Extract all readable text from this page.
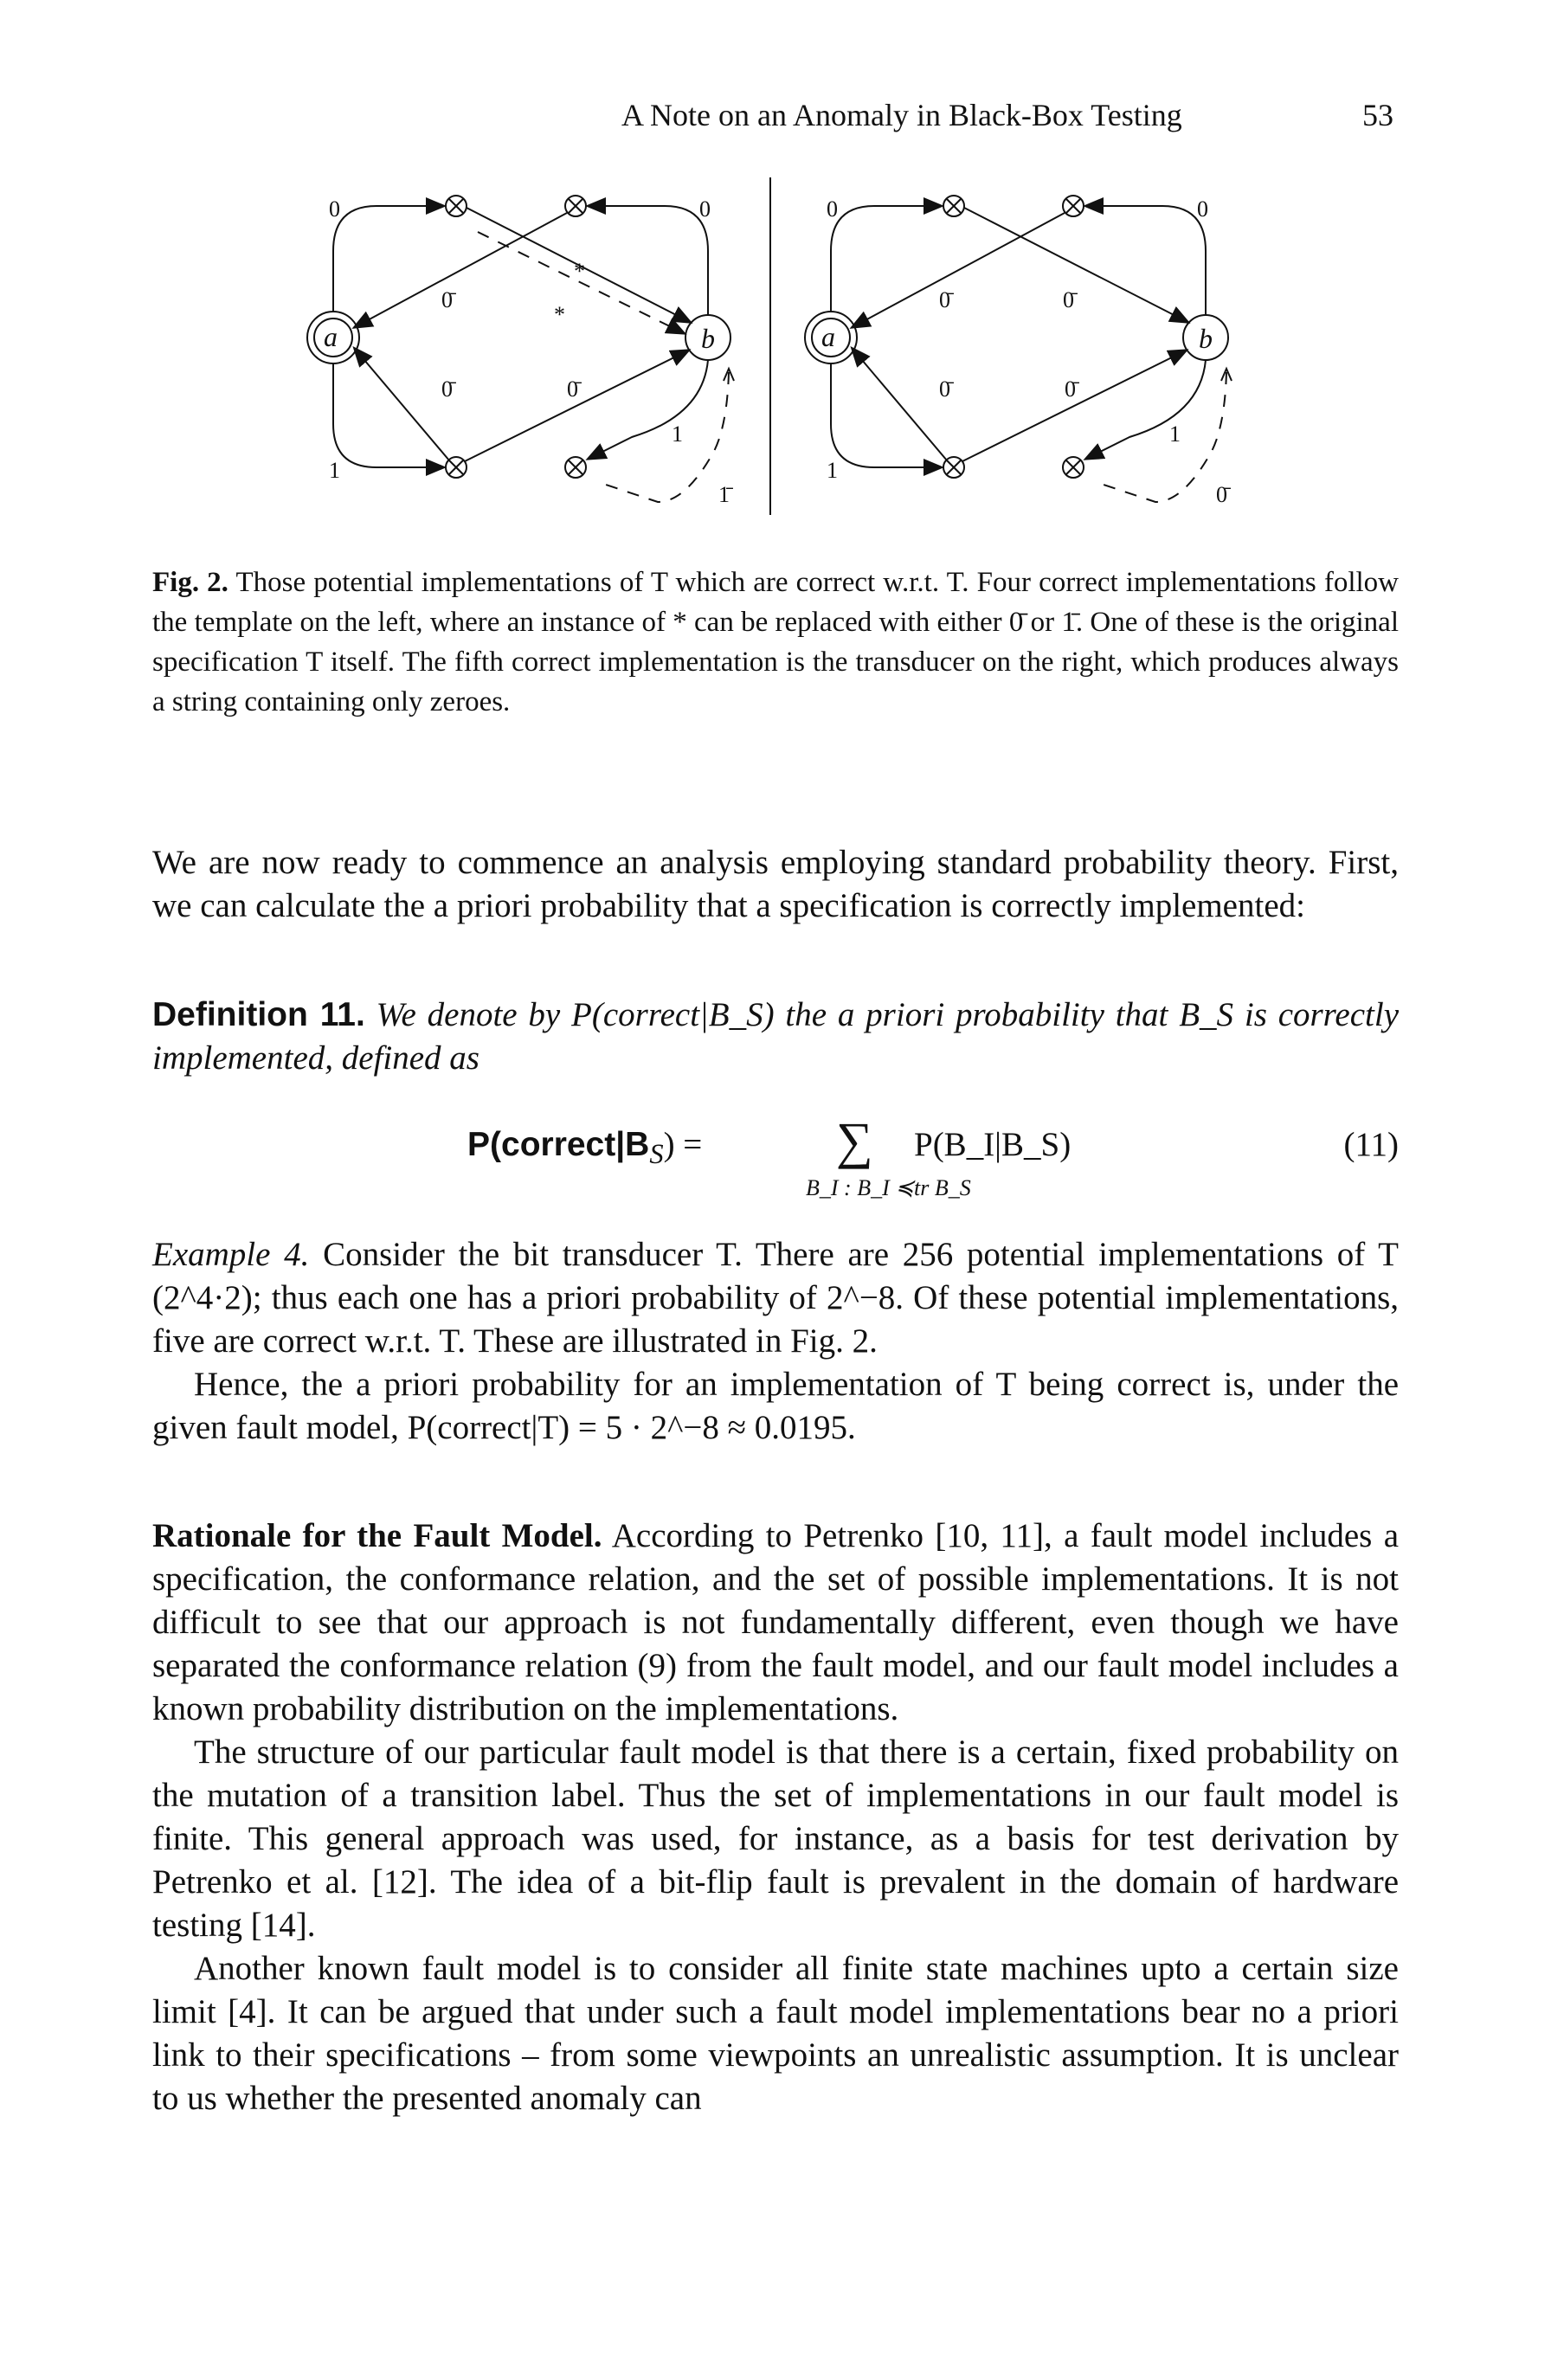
A Note on an Anomaly in Black-Box Testing	53
a	b
0	0
1
0̄
0̄	0̄
*
*
1
1̄
a	b
0	0
1
0̄	0̄
0̄	0̄
1
0̄
Fig. 2. Those potential implementations of T which are correct w.r.t. T. Four correct implementations follow the template on the left, where an instance of * can be replaced with either 0̄ or 1̄. One of these is the original specification T itself. The fifth correct implementation is the transducer on the right, which produces always a string containing only zeroes.

We are now ready to commence an analysis employing standard probability theory. First, we can calculate the a priori probability that a specification is correctly implemented:

Definition 11. We denote by P(correct|B_S) the a priori probability that B_S is correctly implemented, defined as

$P(correct|B_S)$ =	∑
B_I : B_I ≼tr B_S
P(B_I|B_S)	(11)

Example 4. Consider the bit transducer T. There are 256 potential implementations of T (2^4·2); thus each one has a priori probability of 2^−8. Of these potential implementations, five are correct w.r.t. T. These are illustrated in Fig. 2.

Hence, the a priori probability for an implementation of T being correct is, under the given fault model, P(correct|T) = 5 · 2^−8 ≈ 0.0195.

Rationale for the Fault Model. According to Petrenko [10, 11], a fault model includes a specification, the conformance relation, and the set of possible implementations. It is not difficult to see that our approach is not fundamentally different, even though we have separated the conformance relation (9) from the fault model, and our fault model includes a known probability distribution on the implementations.

The structure of our particular fault model is that there is a certain, fixed probability on the mutation of a transition label. Thus the set of implementations in our fault model is finite. This general approach was used, for instance, as a basis for test derivation by Petrenko et al. [12]. The idea of a bit-flip fault is prevalent in the domain of hardware testing [14].

Another known fault model is to consider all finite state machines upto a certain size limit [4]. It can be argued that under such a fault model implementations bear no a priori link to their specifications – from some viewpoints an unrealistic assumption. It is unclear to us whether the presented anomaly can
